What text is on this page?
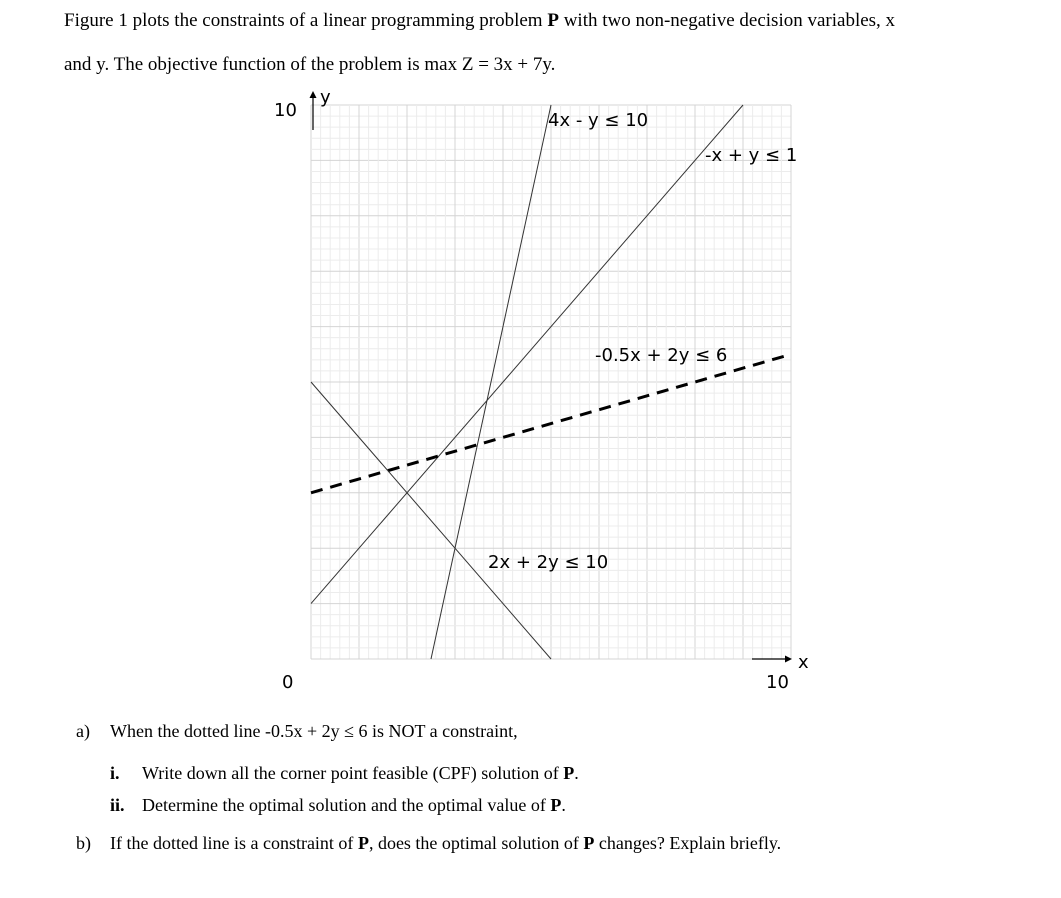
Figure 1 plots the constraints of a linear programming problem P with two non-negative decision variables, x
and y. The objective function of the problem is max Z = 3x + 7y.
y
x
10
10
0
4x - y ≤ 10
-x + y ≤ 1
-0.5x + 2y ≤ 6
2x + 2y ≤ 10
a) When the dotted line -0.5x + 2y ≤ 6 is NOT a constraint,
i. Write down all the corner point feasible (CPF) solution of P.
ii. Determine the optimal solution and the optimal value of P.
b) If the dotted line is a constraint of P, does the optimal solution of P changes? Explain briefly.
